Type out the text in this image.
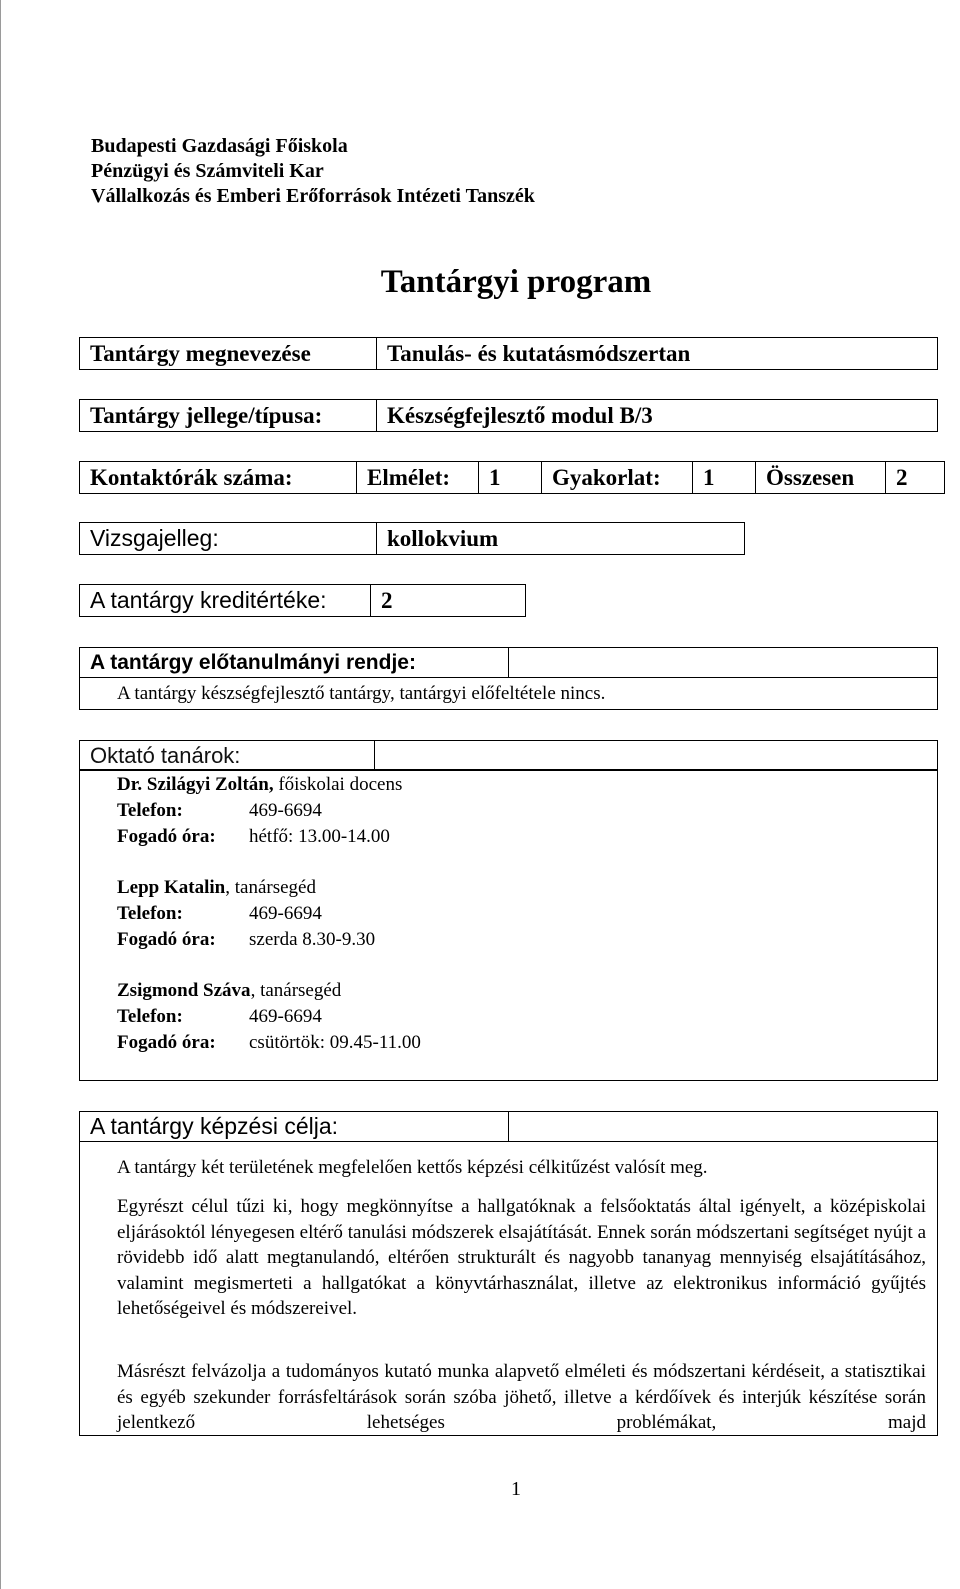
Budapesti Gazdasági Főiskola
Pénzügyi és Számviteli Kar
Vállalkozás és Emberi Erőforrások Intézeti Tanszék
Tantárgyi program
Tantárgy megnevezése	Tanulás- és kutatásmódszertan
Tantárgy jellege/típusa:	Készségfejlesztő modul B/3
Kontaktórák száma:	Elmélet:	1	Gyakorlat:	1	Összesen	2
Vizsgajelleg:	kollokvium
A tantárgy kreditértéke:	2
A tantárgy előtanulmányi rendje:
A tantárgy készségfejlesztő tantárgy, tantárgyi előfeltétele nincs.
Oktató tanárok:
Dr. Szilágyi Zoltán, főiskolai docens
Telefon:	469-6694
Fogadó óra: hétfő: 13.00-14.00
Lepp Katalin, tanársegéd
Telefon:	469-6694
Fogadó óra: szerda 8.30-9.30
Zsigmond Száva, tanársegéd
Telefon:	469-6694
Fogadó óra: csütörtök: 09.45-11.00
A tantárgy képzési célja:
A tantárgy két területének megfelelően kettős képzési célkitűzést valósít meg.
Egyrészt célul tűzi ki, hogy megkönnyítse a hallgatóknak a felsőoktatás által igényelt, a középiskolai eljárásoktól lényegesen eltérő tanulási módszerek elsajátítását. Ennek során módszertani segítséget nyújt a rövidebb idő alatt megtanulandó, eltérően strukturált és nagyobb tananyag mennyiség elsajátításához, valamint megismerteti a hallgatókat a könyvtárhasználat, illetve az elektronikus információ gyűjtés lehetőségeivel és módszereivel.
Másrészt felvázolja a tudományos kutató munka alapvető elméleti és módszertani kérdéseit, a statisztikai és egyéb szekunder forrásfeltárások során szóba jöhető, illetve a kérdőívek és interjúk készítése során jelentkező lehetséges problémákat, majd
1
